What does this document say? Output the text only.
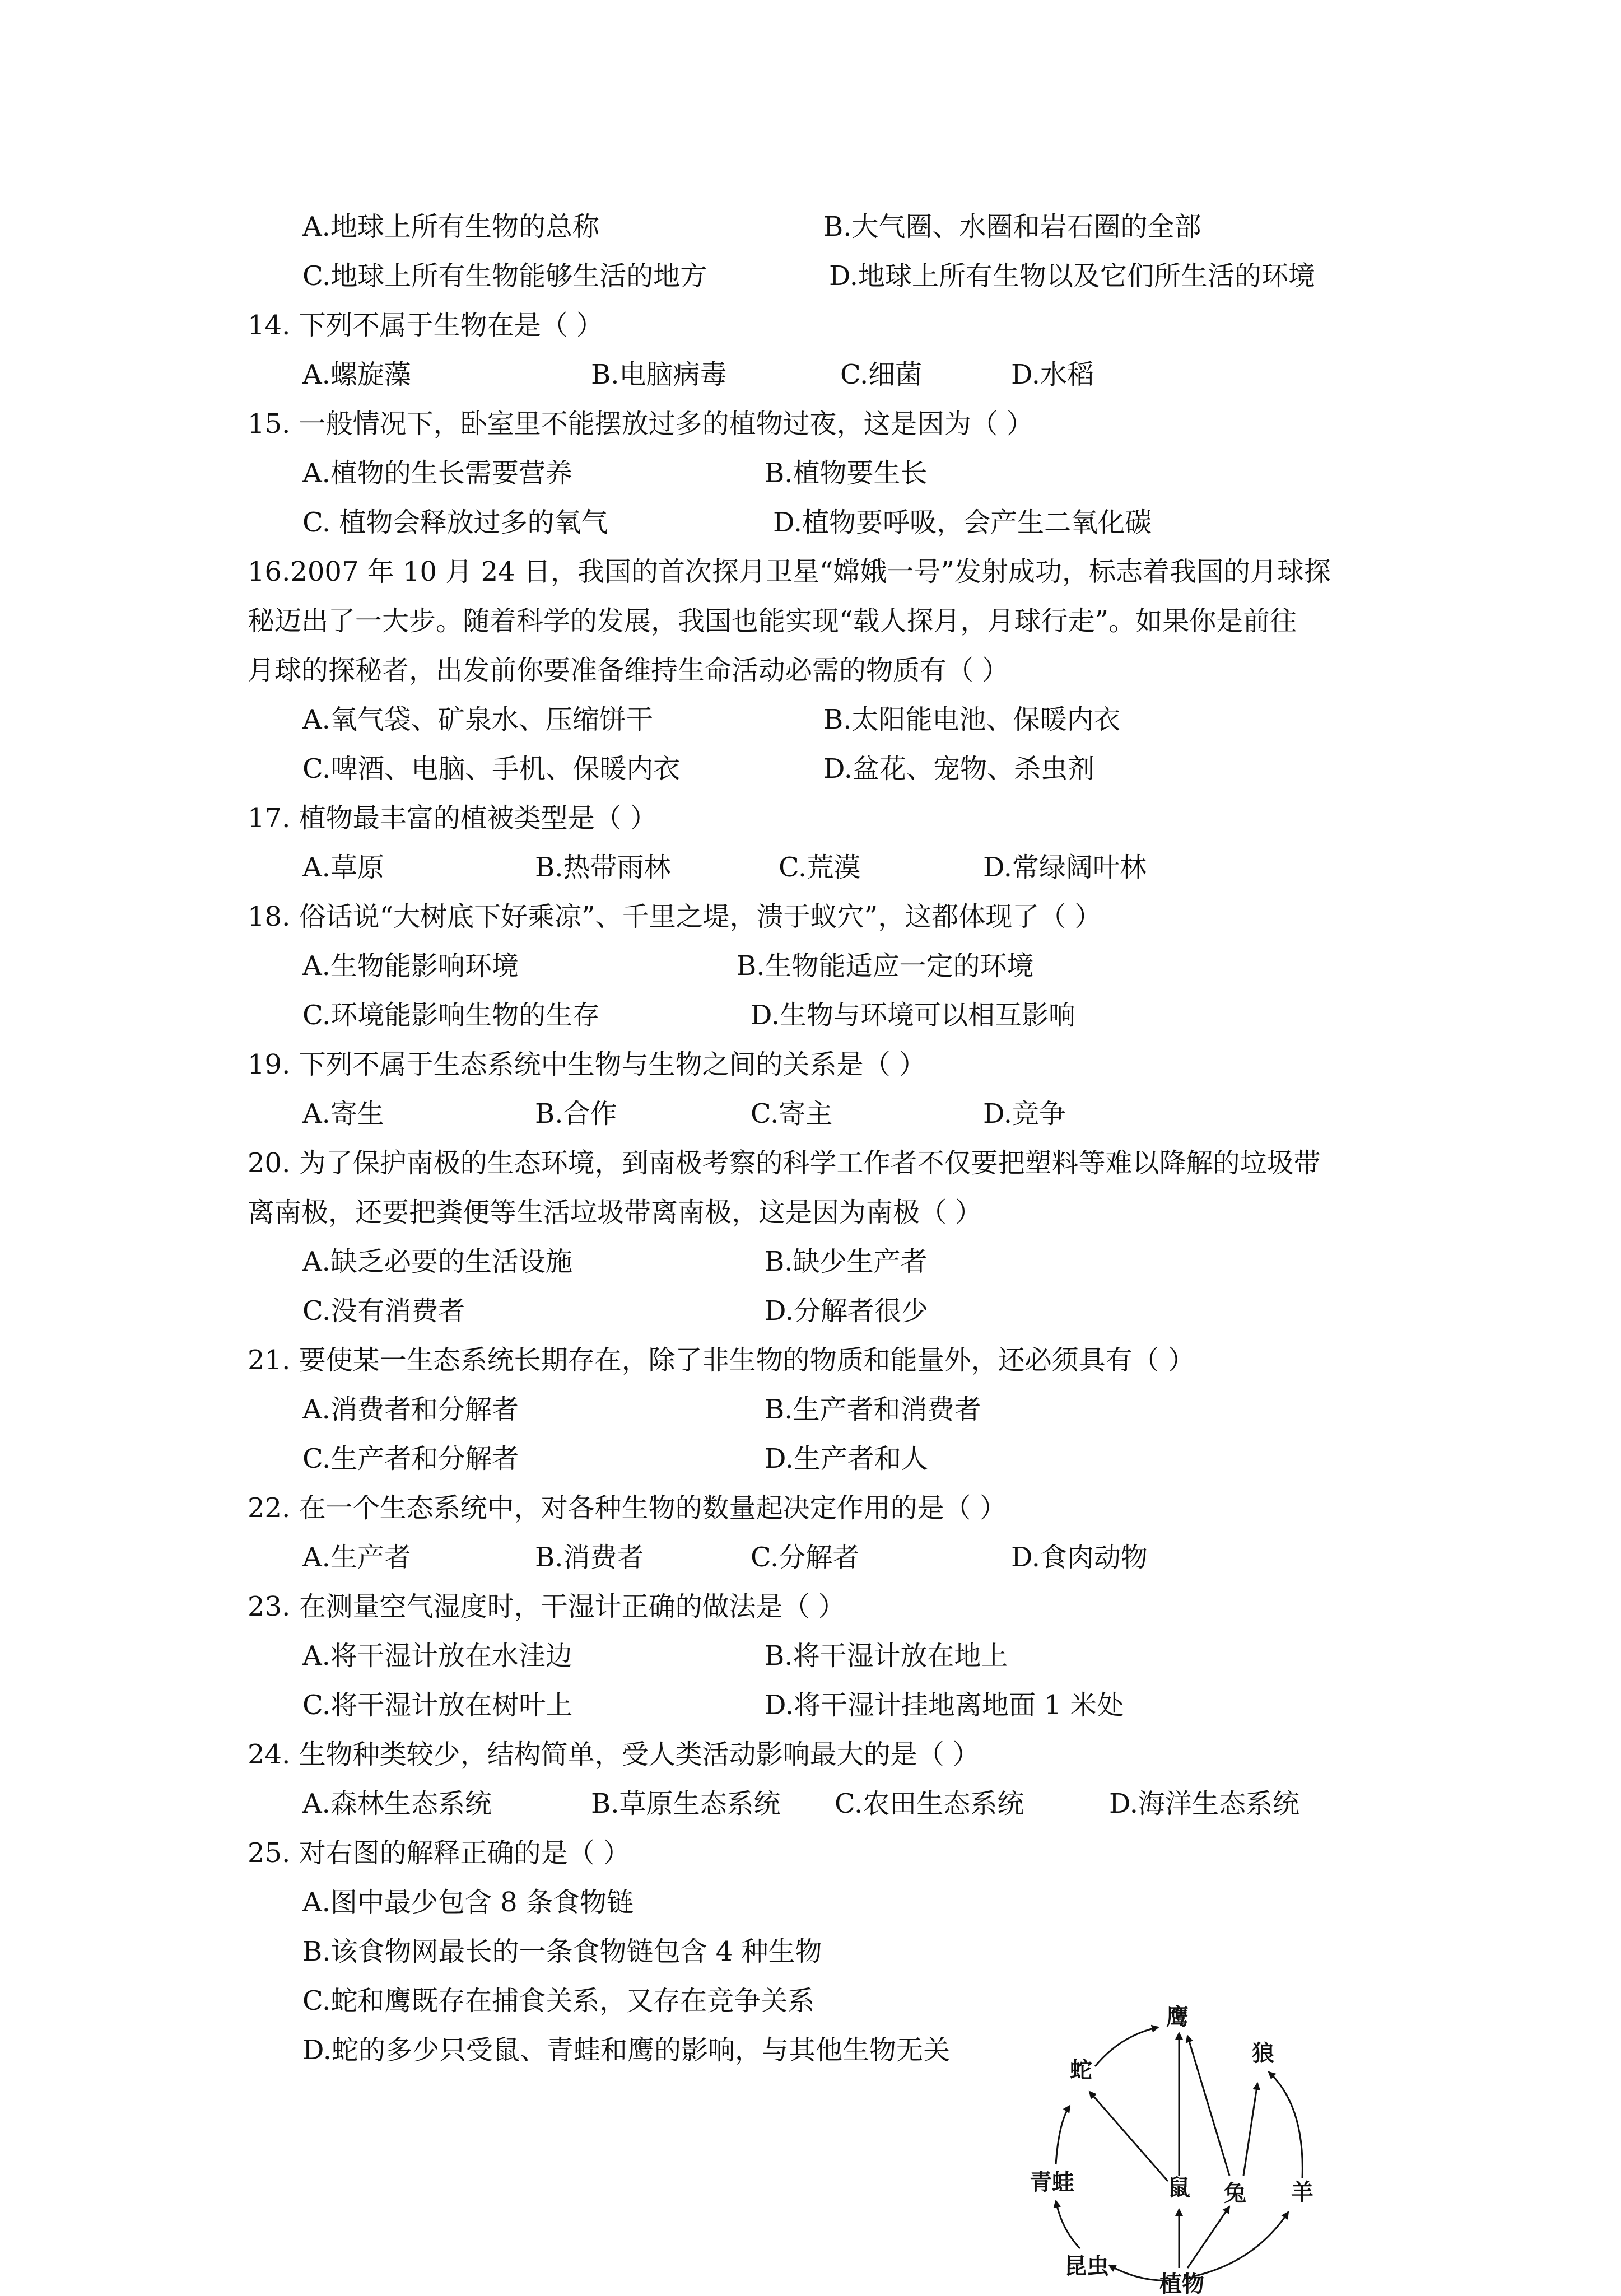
A.地球上所有生物的总称	B.大气圈、水圈和岩石圈的全部
C.地球上所有生物能够生活的地方	D.地球上所有生物以及它们所生活的环境
14. 下列不属于生物在是（ ）
A.螺旋藻	B.电脑病毒	C.细菌	D.水稻
15. 一般情况下，卧室里不能摆放过多的植物过夜，这是因为（ ）
A.植物的生长需要营养	B.植物要生长
C. 植物会释放过多的氧气	D.植物要呼吸，会产生二氧化碳
16.2007 年 10 月 24 日，我国的首次探月卫星“嫦娥一号”发射成功，标志着我国的月球探
秘迈出了一大步。随着科学的发展，我国也能实现“载人探月，月球行走”。如果你是前往
月球的探秘者，出发前你要准备维持生命活动必需的物质有（ ）
A.氧气袋、矿泉水、压缩饼干	B.太阳能电池、保暖内衣
C.啤酒、电脑、手机、保暖内衣	D.盆花、宠物、杀虫剂
17. 植物最丰富的植被类型是（ ）
A.草原	B.热带雨林	C.荒漠	D.常绿阔叶林
18. 俗话说“大树底下好乘凉”、千里之堤，溃于蚁穴”，这都体现了（ ）
A.生物能影响环境	B.生物能适应一定的环境
C.环境能影响生物的生存	D.生物与环境可以相互影响
19. 下列不属于生态系统中生物与生物之间的关系是（ ）
A.寄生	B.合作	C.寄主	D.竞争
20. 为了保护南极的生态环境，到南极考察的科学工作者不仅要把塑料等难以降解的垃圾带
离南极，还要把粪便等生活垃圾带离南极，这是因为南极（ ）
A.缺乏必要的生活设施	B.缺少生产者
C.没有消费者	D.分解者很少
21. 要使某一生态系统长期存在，除了非生物的物质和能量外，还必须具有（ ）
A.消费者和分解者	B.生产者和消费者
C.生产者和分解者	D.生产者和人
22. 在一个生态系统中，对各种生物的数量起决定作用的是（ ）
A.生产者	B.消费者	C.分解者	D.食肉动物
23. 在测量空气湿度时，干湿计正确的做法是（ ）
A.将干湿计放在水洼边	B.将干湿计放在地上
C.将干湿计放在树叶上	D.将干湿计挂地离地面 1 米处
24. 生物种类较少，结构简单，受人类活动影响最大的是（ ）
A.森林生态系统	B.草原生态系统 C.农田生态系统	D.海洋生态系统
25. 对右图的解释正确的是（ ）
A.图中最少包含 8 条食物链
B.该食物网最长的一条食物链包含 4 种生物
C.蛇和鹰既存在捕食关系，又存在竞争关系
D.蛇的多少只受鼠、青蛙和鹰的影响，与其他生物无关
鹰
蛇
狼
青蛙	鼠 兔 羊
昆虫
植物
